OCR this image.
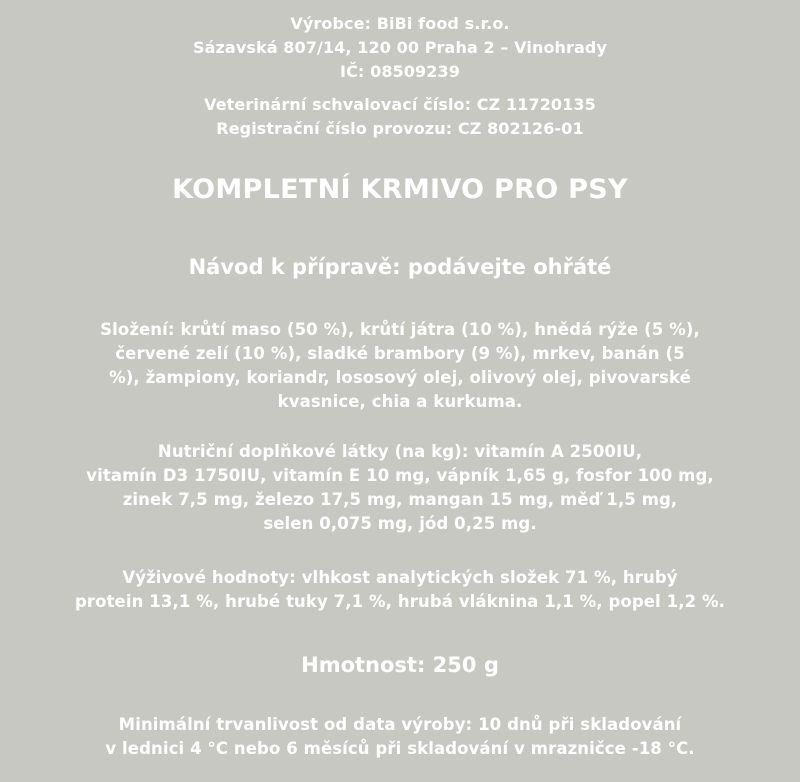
Výrobce: BiBi food s.r.o.
Sázavská 807/14, 120 00 Praha 2 – Vinohrady
IČ: 08509239
Veterinární schvalovací číslo: CZ 11720135
Registrační číslo provozu: CZ 802126-01
KOMPLETNÍ KRMIVO PRO PSY
Návod k přípravě: podávejte ohřáté
Složení: krůtí maso (50 %), krůtí játra (10 %), hnědá rýže (5 %),
červené zelí (10 %), sladké brambory (9 %), mrkev, banán (5
%), žampiony, koriandr, lososový olej, olivový olej, pivovarské
kvasnice, chia a kurkuma.
Nutriční doplňkové látky (na kg): vitamín A 2500IU,
vitamín D3 1750IU, vitamín E 10 mg, vápník 1,65 g, fosfor 100 mg,
zinek 7,5 mg, železo 17,5 mg, mangan 15 mg, měď 1,5 mg,
selen 0,075 mg, jód 0,25 mg.
Výživové hodnoty: vlhkost analytických složek 71 %, hrubý
protein 13,1 %, hrubé tuky 7,1 %, hrubá vláknina 1,1 %, popel 1,2 %.
Hmotnost: 250 g
Minimální trvanlivost od data výroby: 10 dnů při skladování
v lednici 4 °C nebo 6 měsíců při skladování v mrazničce -18 °C.
